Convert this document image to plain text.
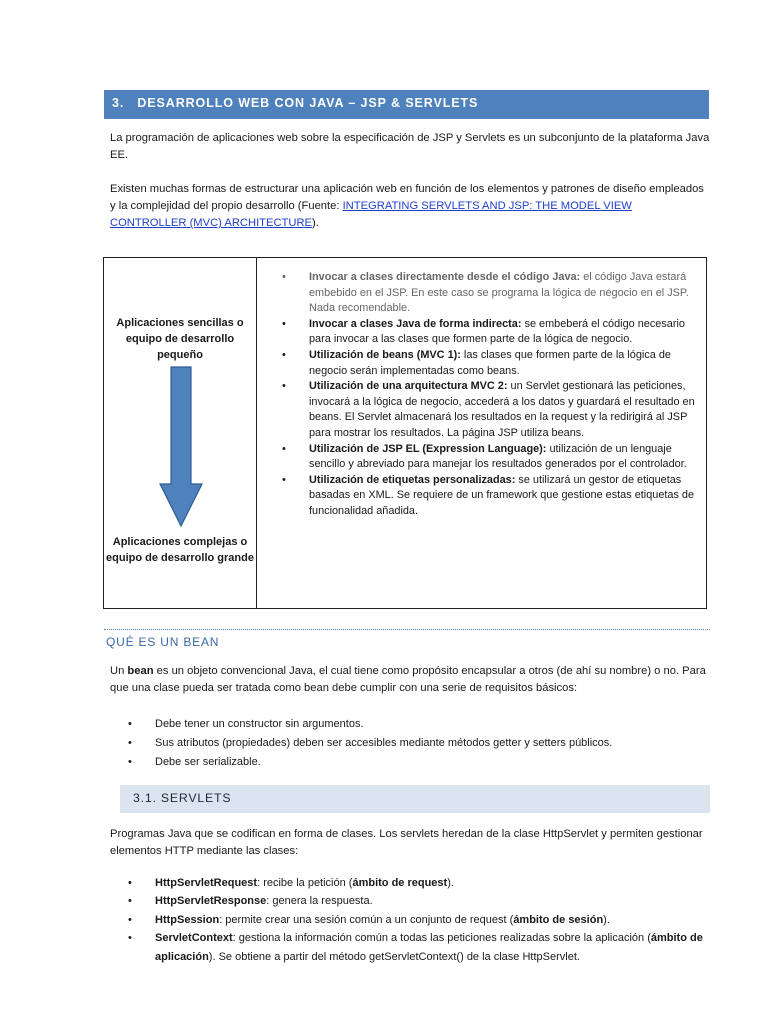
3. DESARROLLO WEB CON JAVA – JSP & SERVLETS

La programación de aplicaciones web sobre la especificación de JSP y Servlets es un subconjunto de la plataforma Java EE.

Existen muchas formas de estructurar una aplicación web en función de los elementos y patrones de diseño empleados y la complejidad del propio desarrollo (Fuente: INTEGRATING SERVLETS AND JSP: THE MODEL VIEW CONTROLLER (MVC) ARCHITECTURE).

Aplicaciones sencillas o equipo de desarrollo pequeño
Aplicaciones complejas o equipo de desarrollo grande
• Invocar a clases directamente desde el código Java: el código Java estará embebido en el JSP. En este caso se programa la lógica de negocio en el JSP. Nada recomendable.
• Invocar a clases Java de forma indirecta: se embeberá el código necesario para invocar a las clases que formen parte de la lógica de negocio.
• Utilización de beans (MVC 1): las clases que formen parte de la lógica de negocio serán implementadas como beans.
• Utilización de una arquitectura MVC 2: un Servlet gestionará las peticiones, invocará a la lógica de negocio, accederá a los datos y guardará el resultado en beans. El Servlet almacenará los resultados en la request y la redirigirá al JSP para mostrar los resultados. La página JSP utiliza beans.
• Utilización de JSP EL (Expression Language): utilización de un lenguaje sencillo y abreviado para manejar los resultados generados por el controlador.
• Utilización de etiquetas personalizadas: se utilizará un gestor de etiquetas basadas en XML. Se requiere de un framework que gestione estas etiquetas de funcionalidad añadida.
QUÉ ES UN BEAN

Un bean es un objeto convencional Java, el cual tiene como propósito encapsular a otros (de ahí su nombre) o no. Para que una clase pueda ser tratada como bean debe cumplir con una serie de requisitos básicos:

• Debe tener un constructor sin argumentos.
• Sus atributos (propiedades) deben ser accesibles mediante métodos getter y setters públicos.
• Debe ser serializable.
3.1. SERVLETS

Programas Java que se codifican en forma de clases. Los servlets heredan de la clase HttpServlet y permiten gestionar elementos HTTP mediante las clases:

• HttpServletRequest: recibe la petición (ámbito de request).
• HttpServletResponse: genera la respuesta.
• HttpSession: permite crear una sesión común a un conjunto de request (ámbito de sesión).
• ServletContext: gestiona la información común a todas las peticiones realizadas sobre la aplicación (ámbito de aplicación). Se obtiene a partir del método getServletContext() de la clase HttpServlet.
